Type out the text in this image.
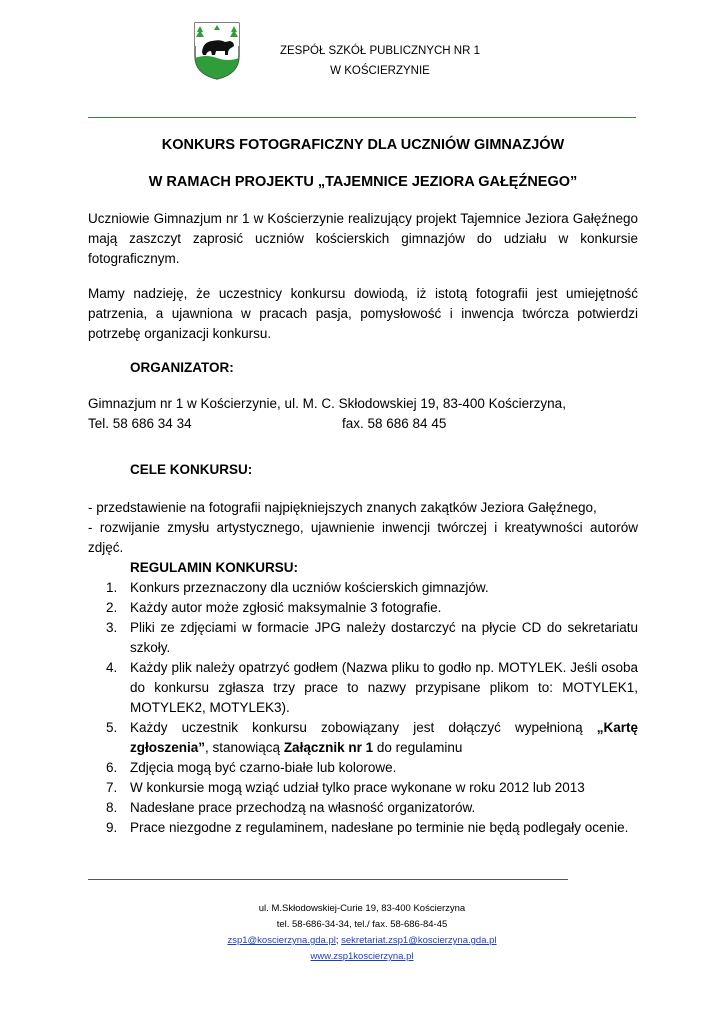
ZESPÓŁ SZKÓŁ PUBLICZNYCH NR 1
W KOŚCIERZYNIE
KONKURS FOTOGRAFICZNY DLA UCZNIÓW GIMNAZJÓW
W RAMACH PROJEKTU „TAJEMNICE JEZIORA GAŁĘŹNEGO”

Uczniowie Gimnazjum nr 1 w Kościerzynie realizujący projekt Tajemnice Jeziora Gałęźnego mają zaszczyt zaprosić uczniów kościerskich gimnazjów do udziału w konkursie fotograficznym.

Mamy nadzieję, że uczestnicy konkursu dowiodą, iż istotą fotografii jest umiejętność patrzenia, a ujawniona w pracach pasja, pomysłowość i inwencja twórcza potwierdzi potrzebę organizacji konkursu.

ORGANIZATOR:

Gimnazjum nr 1 w Kościerzynie, ul. M. C. Skłodowskiej 19, 83-400 Kościerzyna,
Tel. 58 686 34 34	fax. 58 686 84 45

CELE KONKURSU:

- przedstawienie na fotografii najpiękniejszych znanych zakątków Jeziora Gałęźnego,

- rozwijanie zmysłu artystycznego, ujawnienie inwencji twórczej i kreatywności autorów zdjęć.

REGULAMIN KONKURSU:

1. Konkurs przeznaczony dla uczniów kościerskich gimnazjów.
2. Każdy autor może zgłosić maksymalnie 3 fotografie.
3. Pliki ze zdjęciami w formacie JPG należy dostarczyć na płycie CD do sekretariatu szkoły.
4. Każdy plik należy opatrzyć godłem (Nazwa pliku to godło np. MOTYLEK. Jeśli osoba do konkursu zgłasza trzy prace to nazwy przypisane plikom to: MOTYLEK1, MOTYLEK2, MOTYLEK3).
5. Każdy uczestnik konkursu zobowiązany jest dołączyć wypełnioną „Kartę zgłoszenia”, stanowiącą Załącznik nr 1 do regulaminu
6. Zdjęcia mogą być czarno-białe lub kolorowe.
7. W konkursie mogą wziąć udział tylko prace wykonane w roku 2012 lub 2013
8. Nadesłane prace przechodzą na własność organizatorów.
9. Prace niezgodne z regulaminem, nadesłane po terminie nie będą podlegały ocenie.
ul. M.Skłodowskiej-Curie 19, 83-400 Kościerzyna
tel. 58-686-34-34, tel./ fax. 58-686-84-45
zsp1@koscierzyna.gda.pl; sekretariat.zsp1@koscierzyna.gda.pl
www.zsp1koscierzyna.pl
